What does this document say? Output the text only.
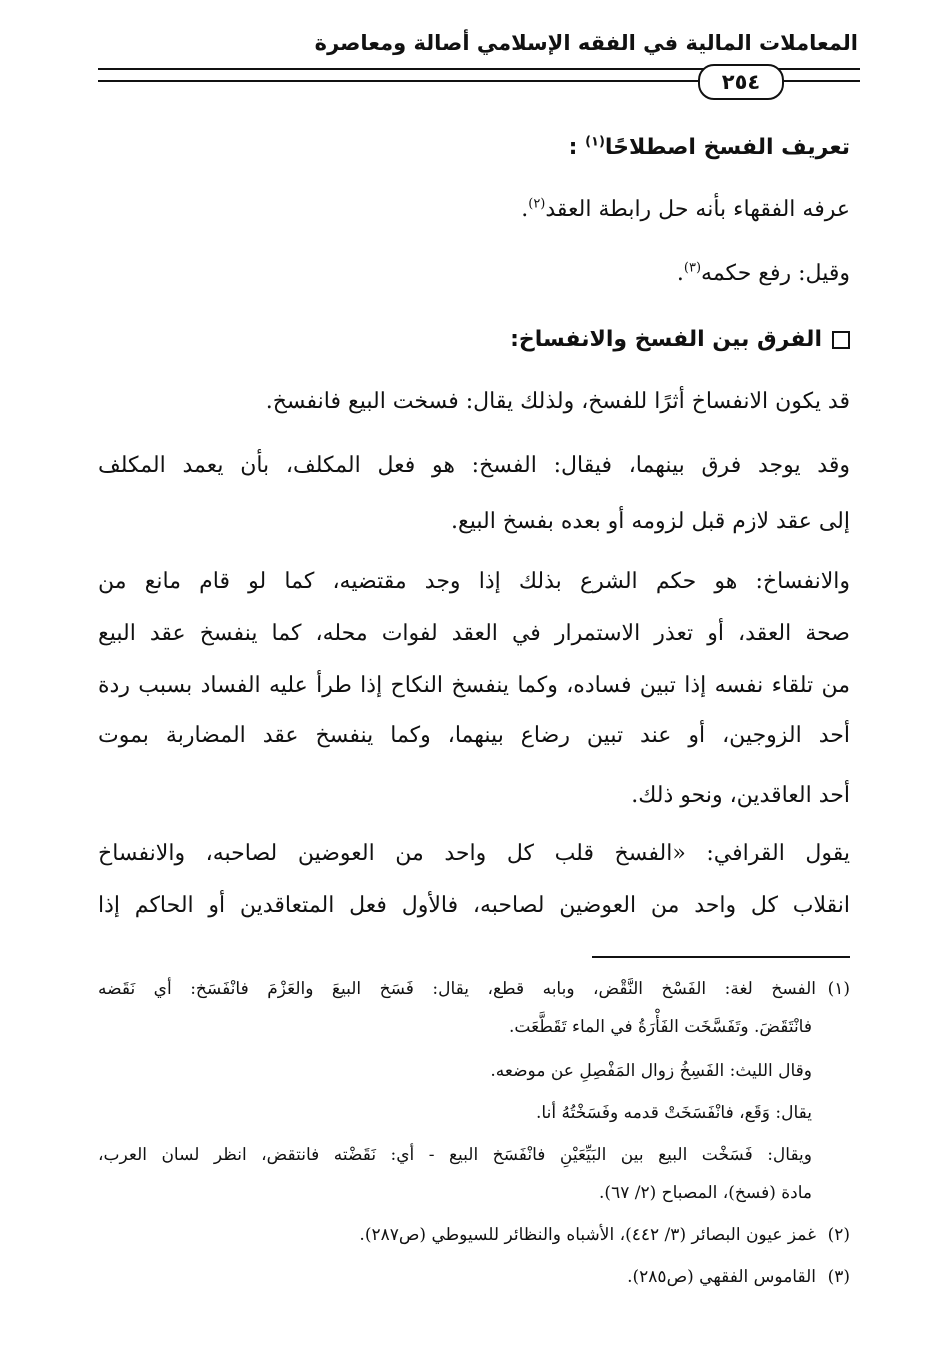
المعاملات المالية في الفقه الإسلامي أصالة ومعاصرة
٢٥٤
تعريف الفسخ اصطلاحًا$^{(١)}$ :
عرفه الفقهاء بأنه حل رابطة العقد$^{(٢)}$.
وقيل: رفع حكمه$^{(٣)}$.
الفرق بين الفسخ والانفساخ:
قد يكون الانفساخ أثرًا للفسخ، ولذلك يقال: فسخت البيع فانفسخ.
وقد يوجد فرق بينهما، فيقال: الفسخ: هو فعل المكلف، بأن يعمد المكلف
إلى عقد لازم قبل لزومه أو بعده بفسخ البيع.
والانفساخ: هو حكم الشرع بذلك إذا وجد مقتضيه، كما لو قام مانع من
صحة العقد، أو تعذر الاستمرار في العقد لفوات محله، كما ينفسخ عقد البيع
من تلقاء نفسه إذا تبين فساده، وكما ينفسخ النكاح إذا طرأ عليه الفساد بسبب ردة
أحد الزوجين، أو عند تبين رضاع بينهما، وكما ينفسخ عقد المضاربة بموت
أحد العاقدين، ونحو ذلك.
يقول القرافي: «الفسخ قلب كل واحد من العوضين لصاحبه، والانفساخ
انقلاب كل واحد من العوضين لصاحبه، فالأول فعل المتعاقدين أو الحاكم إذا
(١)الفسخ لغة: الفَسْخ النَّقْض، وبابه قطع، يقال: فَسَخ البيعَ والعَزْمَ فانْفَسَخ: أي نَقَضه
فانْتَقَضَ. وتَفَسَّخَت الفَأْرَةُ في الماء تَقَطَّعَت.
وقال الليث: الفَسِخُ زوال المَفْصِلِ عن موضعه.
يقال: وَقَع، فانْفَسَخَتْ قدمه وفَسَخْتُهُ أنا.
ويقال: فَسَخْت البيع بين البَيِّعَيْنِ فانْفَسَخ البيع - أي: نَقَضْته فانتقض، انظر لسان العرب،
مادة (فسخ)، المصباح (٢/ ٦٧).
(٢)غمز عيون البصائر (٣/ ٤٤٢)، الأشباه والنظائر للسيوطي (ص٢٨٧).
(٣)القاموس الفقهي (ص٢٨٥).
